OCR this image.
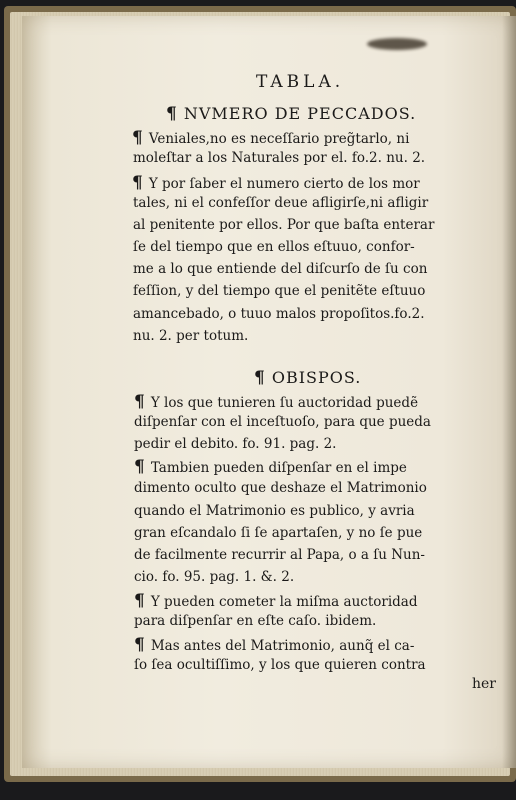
TABLA.
¶ NVMERO DE PECCADOS.
¶ Veniales,no es neceſſario preg̃tarlo, ni
moleſtar a los Naturales por el. fo.2. nu. 2.
¶ Y por ſaber el numero cierto de los mor
tales, ni el confeſſor deue afligirſe,ni afligir
al penitente por ellos. Por que baſta enterar
ſe del tiempo que en ellos eſtuuo, confor-
me a lo que entiende del diſcurſo de ſu con
feſſion, y del tiempo que el penitẽte eſtuuo
amancebado, o tuuo malos propoſitos.fo.2.
nu. 2. per totum.
¶ OBISPOS.
¶ Y los que tunieren ſu auctoridad puedẽ
diſpenſar con el inceſtuoſo, para que pueda
pedir el debito. fo. 91. pag. 2.
¶ Tambien pueden diſpenſar en el impe
dimento oculto que deshaze el Matrimonio
quando el Matrimonio es publico, y avria
gran eſcandalo ſi ſe apartaſen, y no ſe pue
de facilmente recurrir al Papa, o a ſu Nun-
cio. fo. 95. pag. 1. &. 2.
¶ Y pueden cometer la miſma auctoridad
para diſpenſar en eſte caſo. ibidem.
¶ Mas antes del Matrimonio, aunq̃ el ca-
ſo ſea ocultiſſimo, y los que quieren contra
her
